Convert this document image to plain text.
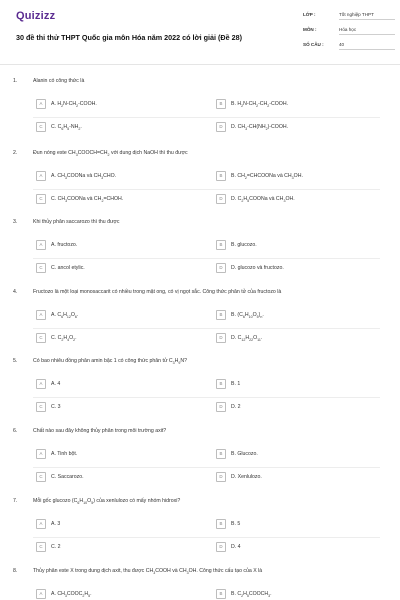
Quizizz
30 đề thi thử THPT Quốc gia môn Hóa năm 2022 có lời giải (Đề 28)
LỚP :	Tốt nghiệp THPT
MÔN :	Hóa học
SỐ CÂU :	40
1.	Alanin có công thức là
A	A. $H_2N-CH_2$-COOH.	B	B. $H_2N-CH_2-CH_2$-COOH.
C	C. $C_6H_5-NH_2$.	D	D. $CH_3-CH(NH_2)$-COOH.
2.	Đun nóng este $CH_3COOCH=CH_2$ với dung dịch NaOH thì thu được
A	A. $CH_3COONa$ và $CH_3CHO$.	B	B. $CH_2=CHCOONa$ và $CH_3OH$.
C	C. $CH_3COONa$ và $CH_2=CHOH$.	D	D. $C_2H_5COONa$ và $CH_3OH$.
3.	Khi thủy phân saccarozo thì thu được
A	A. fructozo.	B	B. glucozo.
C	C. ancol etylic.	D	D. glucozo và fructozo.
4.	Fructozo là một loại monosaccarit có nhiều trong mật ong, có vị ngọt sắc. Công thức phân tử của fructozo là
A	A. $C_6H_{12}O_6$.	B	B. $(C_6H_{10}O_5)_n$.
C	C. $C_2H_4O_2$.	D	D. $C_{12}H_{22}O_{11}$.
5.	Có bao nhiêu đồng phân amin bậc 1 có công thức phân tử $C_3H_9N$?
A	A. 4	B	B. 1
C	C. 3	D	D. 2
6.	Chất nào sau đây không thủy phân trong môi trường axit?
A	A. Tinh bột.	B	B. Glucozo.
C	C. Saccarozo.	D	D. Xenlulozo.
7.	Mỗi gốc glucozo $(C_6H_{10}O_5)$ của xenlulozo có mấy nhóm hidroxi?
A	A. 3	B	B. 5
C	C. 2	D	D. 4
8.	Thủy phân este X trong dung dịch axit, thu được $CH_3COOH$ và $CH_3OH$. Công thức cấu tạo của X là
A	A. $CH_3COOC_2H_5$.	B	B. $C_2H_5COOCH_3$.
